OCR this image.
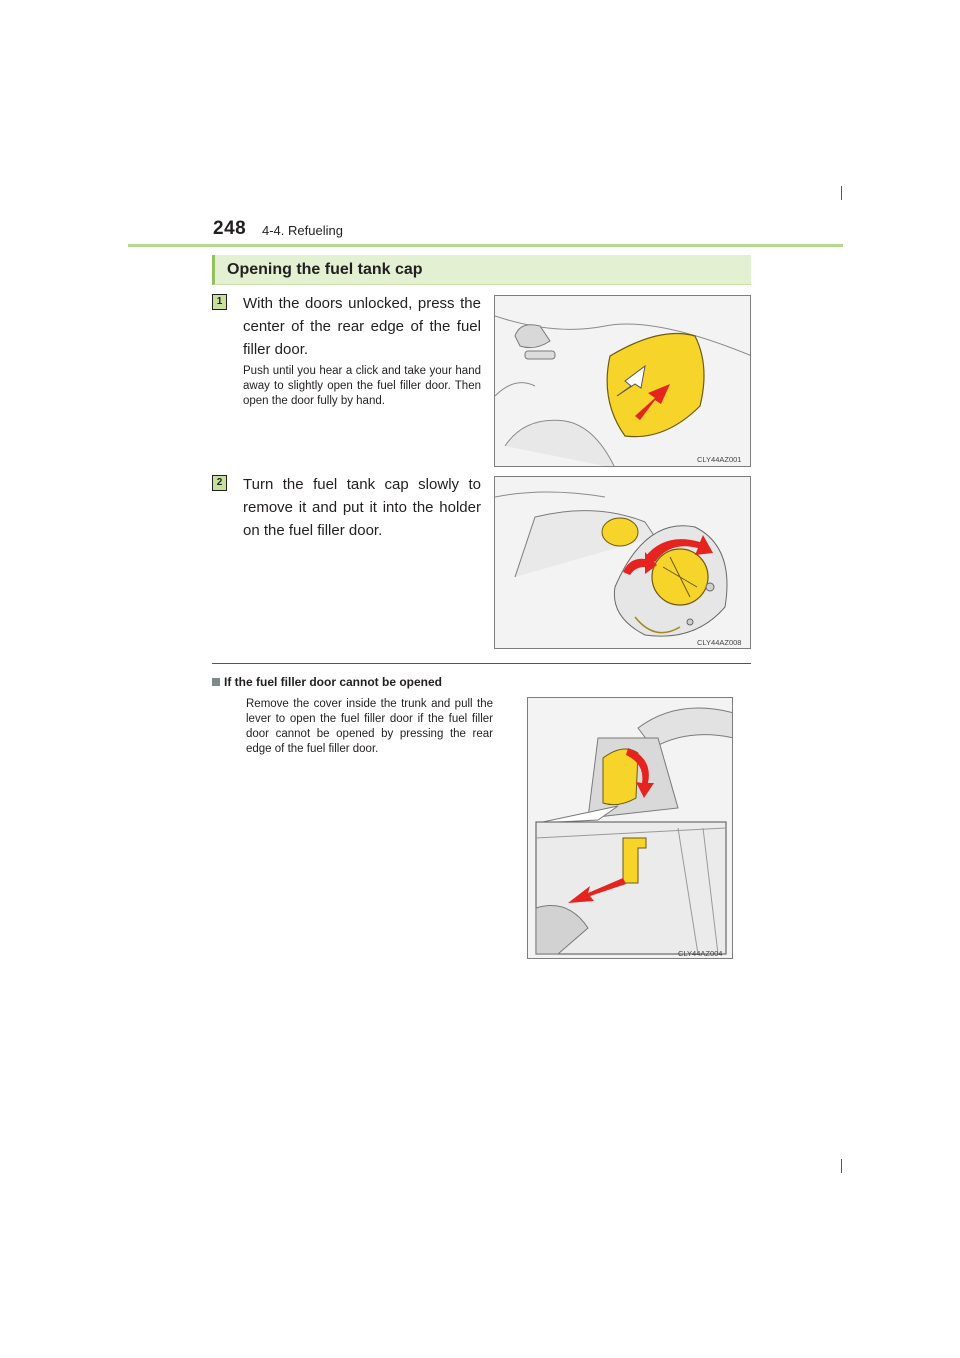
248 4-4. Refueling
Opening the fuel tank cap
1	With the doors unlocked, press the center of the rear edge of the fuel filler door.
Push until you hear a click and take your hand away to slightly open the fuel filler door. Then open the door fully by hand.
CLY44AZ001
2	Turn the fuel tank cap slowly to remove it and put it into the holder on the fuel filler door.
CLY44AZ008
If the fuel filler door cannot be opened
Remove the cover inside the trunk and pull the lever to open the fuel filler door if the fuel filler door cannot be opened by pressing the rear edge of the fuel filler door.
CLY44AZ004
